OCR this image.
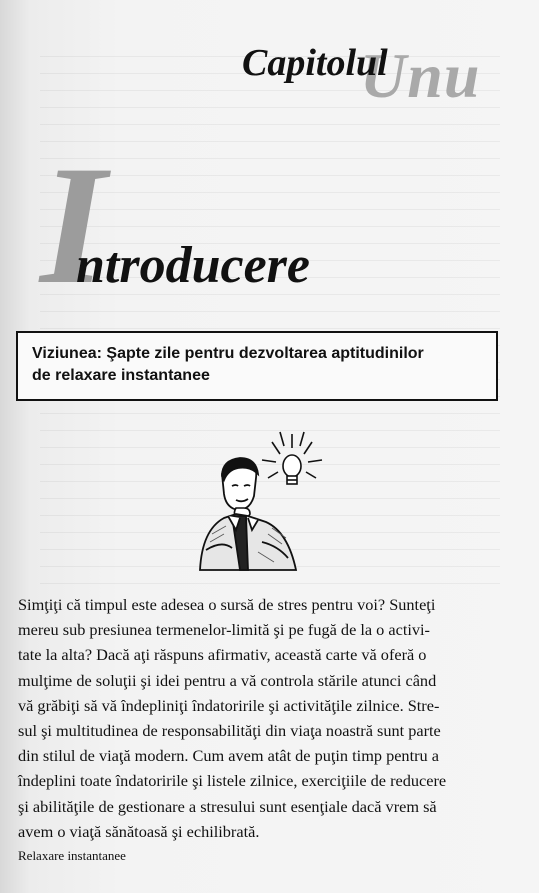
Unu
Capitolul
I
ntroducere
Viziunea: Şapte zile pentru dezvoltarea aptitudinilor
de relaxare instantanee
Simţiţi că timpul este adesea o sursă de stres pentru voi? Sunteţi
mereu sub presiunea termenelor-limită şi pe fugă de la o activi-
tate la alta? Dacă aţi răspuns afirmativ, această carte vă oferă o
mulţime de soluţii şi idei pentru a vă controla stările atunci când
vă grăbiţi să vă îndepliniţi îndatoririle şi activităţile zilnice. Stre-
sul şi multitudinea de responsabilităţi din viaţa noastră sunt parte
din stilul de viaţă modern. Cum avem atât de puţin timp pentru a
îndeplini toate îndatoririle şi listele zilnice, exerciţiile de reducere
şi abilităţile de gestionare a stresului sunt esenţiale dacă vrem să
avem o viaţă sănătoasă şi echilibrată.
Relaxare instantanee
